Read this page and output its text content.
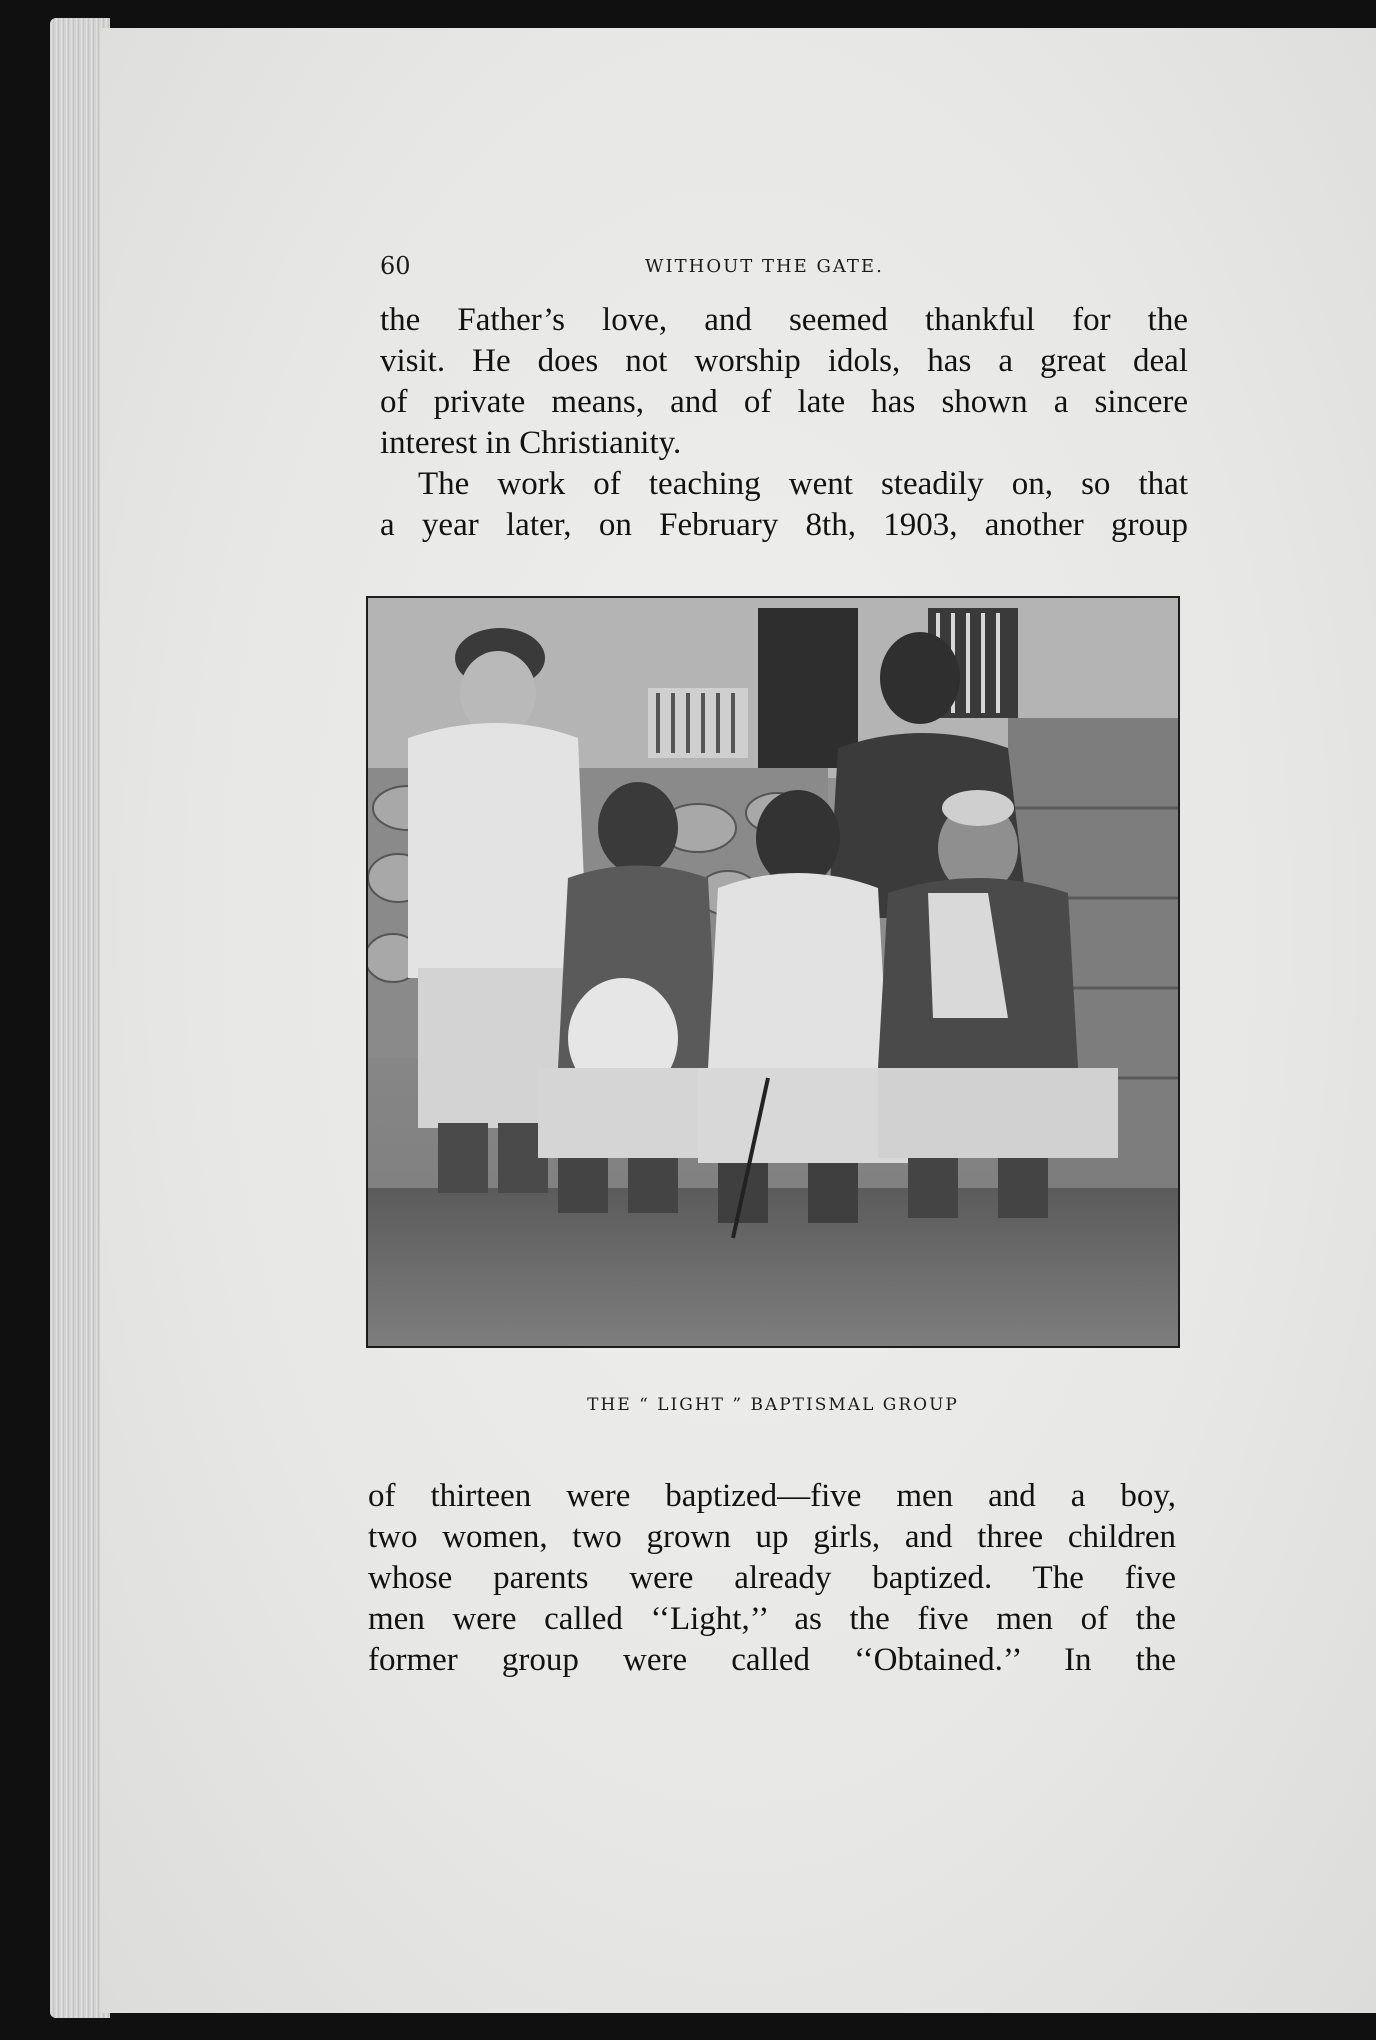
60	WITHOUT THE GATE.
the Father’s love, and seemed thankful for the
visit. He does not worship idols, has a great deal
of private means, and of late has shown a sincere
interest in Christianity.
The work of teaching went steadily on, so that
a year later, on February 8th, 1903, another group
THE “ LIGHT ” BAPTISMAL GROUP
of thirteen were baptized—five men and a boy,
two women, two grown up girls, and three children
whose parents were already baptized. The five
men were called ‘‘Light,’’ as the five men of the
former group were called ‘‘Obtained.’’ In the
